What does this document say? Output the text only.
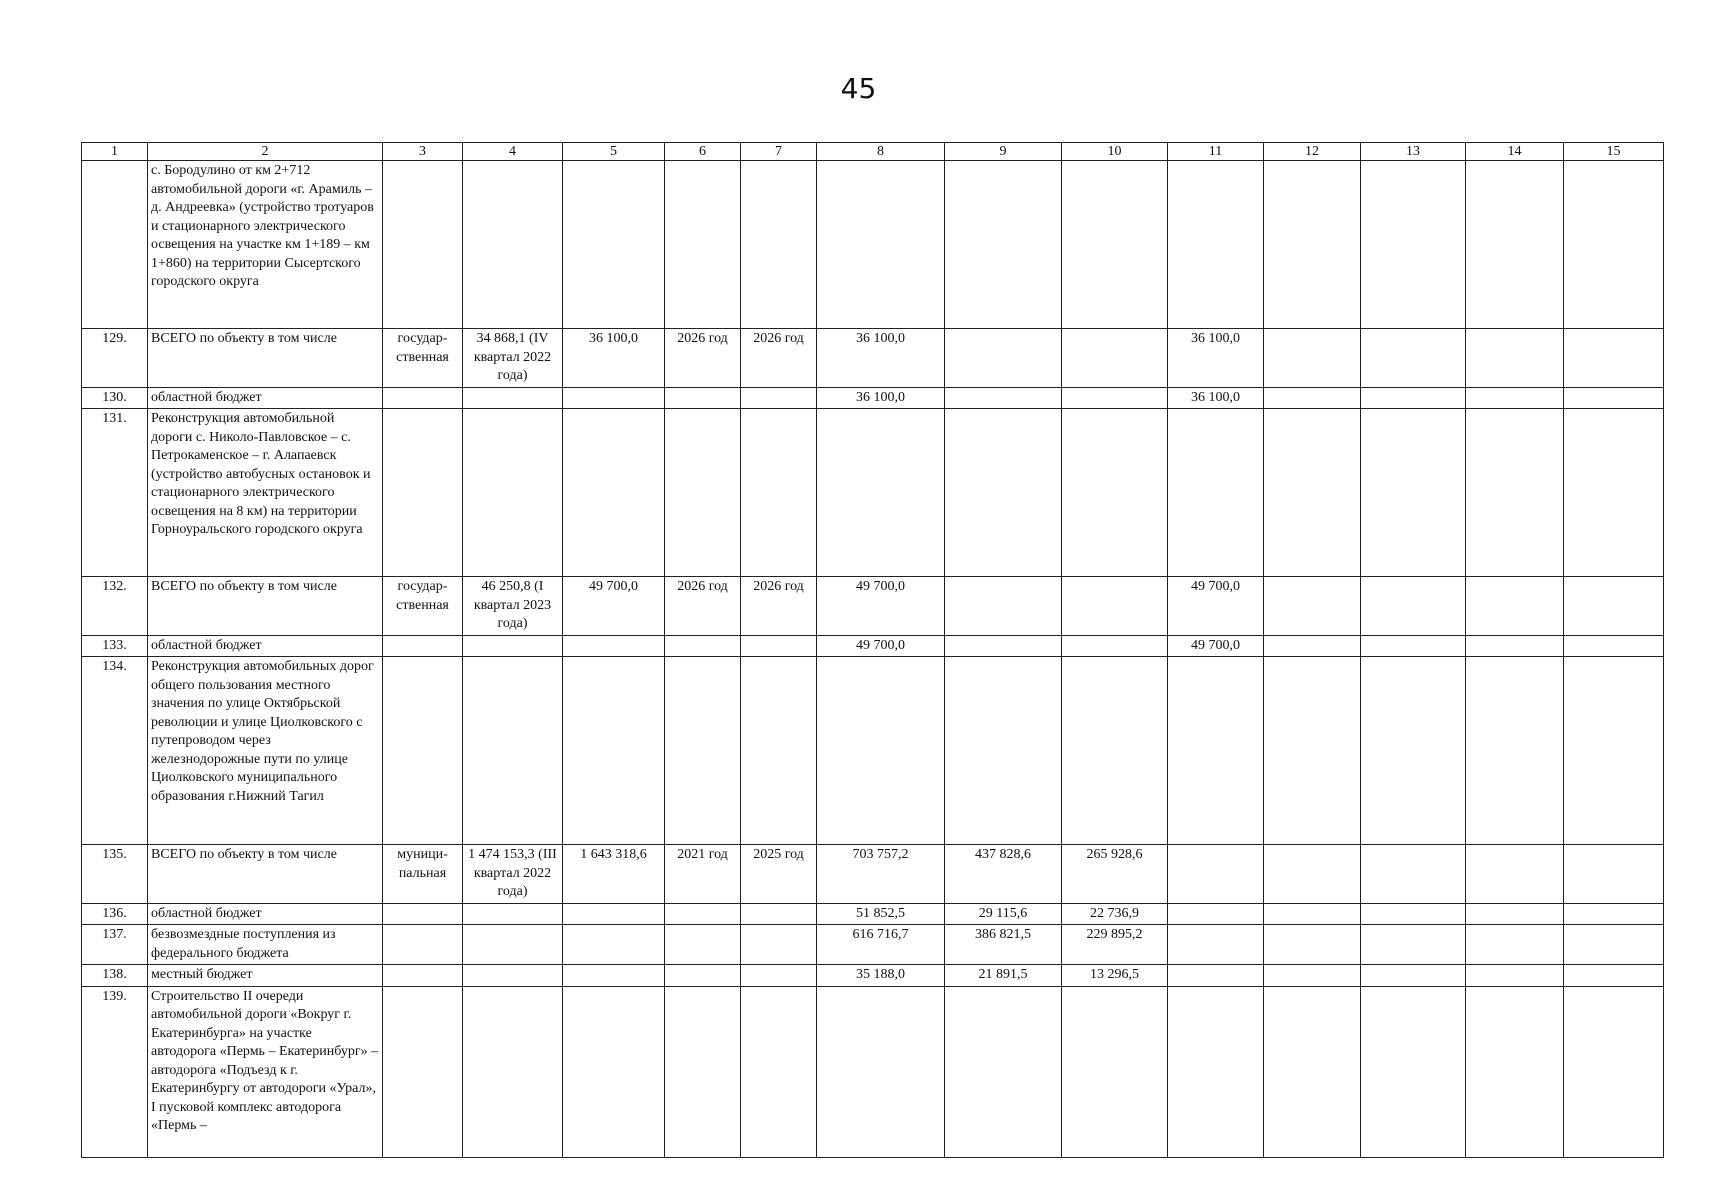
45
1	2	3	4	5	6	7	8	9	10	11	12	13	14	15
	с. Бородулино от км 2+712 автомобильной дороги «г. Арамиль – д. Андреевка» (устройство тротуаров и стационарного электрического освещения на участке км 1+189 – км 1+860) на территории Сысертского городского округа													
129.	ВСЕГО по объекту в том числе	государ-ственная	34 868,1 (IV квартал 2022 года)	36 100,0	2026 год	2026 год	36 100,0			36 100,0				
130.	областной бюджет						36 100,0			36 100,0				
131.	Реконструкция автомобильной дороги с. Николо-Павловское – с. Петрокаменское – г. Алапаевск (устройство автобусных остановок и стационарного электрического освещения на 8 км) на территории Горноуральского городского округа													
132.	ВСЕГО по объекту в том числе	государ-ственная	46 250,8 (I квартал 2023 года)	49 700,0	2026 год	2026 год	49 700,0			49 700,0				
133.	областной бюджет						49 700,0			49 700,0				
134.	Реконструкция автомобильных дорог общего пользования местного значения по улице Октябрьской революции и улице Циолковского с путепроводом через железнодорожные пути по улице Циолковского муниципального образования г.Нижний Тагил													
135.	ВСЕГО по объекту в том числе	муници-пальная	1 474 153,3 (III квартал 2022 года)	1 643 318,6	2021 год	2025 год	703 757,2	437 828,6	265 928,6					
136.	областной бюджет						51 852,5	29 115,6	22 736,9					
137.	безвозмездные поступления из федерального бюджета						616 716,7	386 821,5	229 895,2					
138.	местный бюджет						35 188,0	21 891,5	13 296,5					
139.	Строительство II очереди автомобильной дороги «Вокруг г. Екатеринбурга» на участке автодорога «Пермь – Екатеринбург» – автодорога «Подъезд к г. Екатеринбургу от автодороги «Урал», I пусковой комплекс автодорога «Пермь –													
